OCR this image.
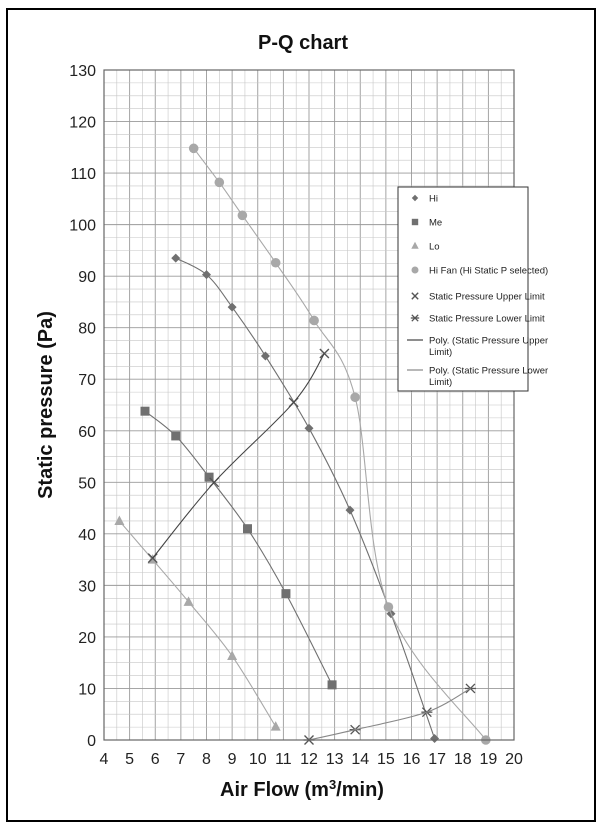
P-Q chart
0
10
20
30
40
50
60
70
80
90
100
110
120
130
4 5 6 7 8 9 10 11 12 13 14 15 16 17 18 19 20
Static pressure (Pa)
Air Flow $(m^3/\min)$
Hi
Me
Lo
Hi Fan (Hi Static P selected)
Static Pressure Upper Limit
Static Pressure Lower Limit
Poly. (Static Pressure Upper
Limit)
Poly. (Static Pressure Lower
Limit)
